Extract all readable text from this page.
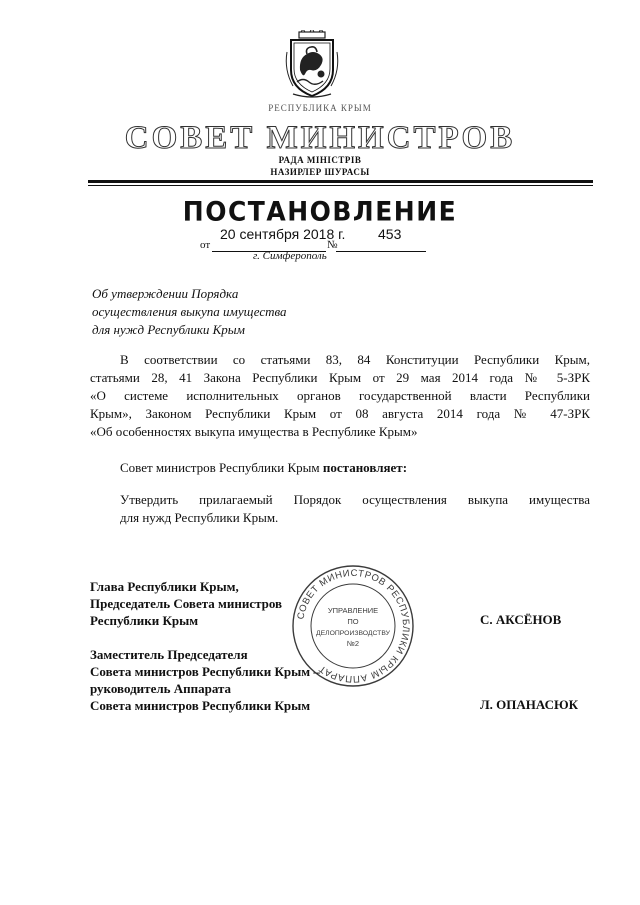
РЕСПУБЛИКА КРЫМ
СОВЕТ МИНИСТРОВ
РАДА МІНІСТРІВ
НАЗИРЛЕР ШУРАСЫ
ПОСТАНОВЛЕНИЕ
от	№
20 сентября 2018 г. 453
г. Симферополь
Об утверждении Порядка
осуществления выкупа имущества
для нужд Республики Крым
В соответствии со статьями 83, 84 Конституции Республики Крым,
статьями 28, 41 Закона Республики Крым от 29 мая 2014 года № 5-ЗРК
«О системе исполнительных органов государственной власти Республики
Крым», Законом Республики Крым от 08 августа 2014 года № 47-ЗРК
«Об особенностях выкупа имущества в Республике Крым»
Совет министров Республики Крым постановляет:
Утвердить прилагаемый Порядок осуществления выкупа имущества
для нужд Республики Крым.
Глава Республики Крым,
Председатель Совета министров
Республики Крым	С. АКСЁНОВ
Заместитель Председателя
Совета министров Республики Крым –
руководитель Аппарата
Совета министров Республики Крым	Л. ОПАНАСЮК
СОВЕТ МИНИСТРОВ РЕСПУБЛИКИ КРЫМ АППАРАТ
УПРАВЛЕНИЕ
ПО
ДЕЛОПРОИЗВОДСТВУ
№2
